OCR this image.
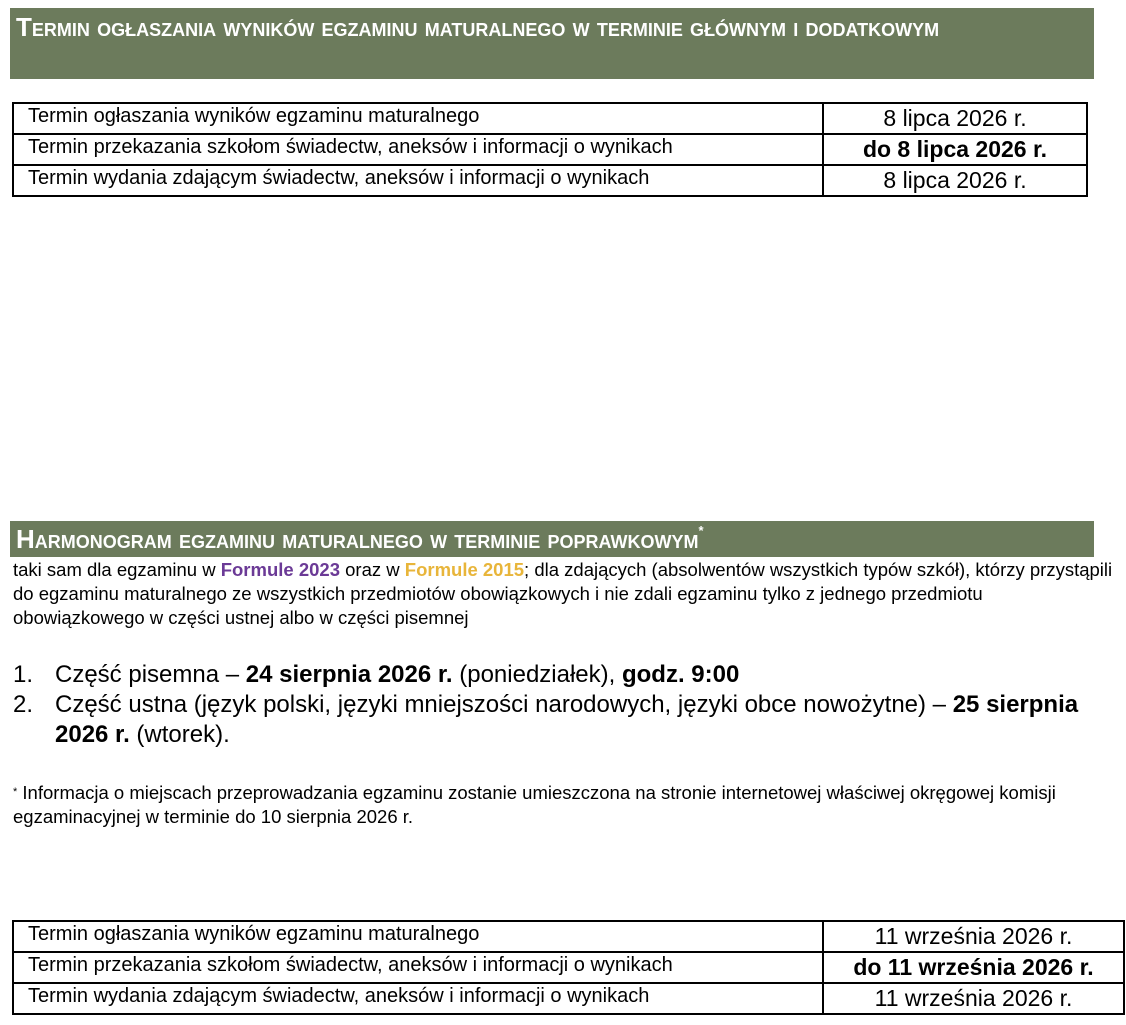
Termin ogłaszania wyników egzaminu maturalnego w terminie głównym i dodatkowym
Termin ogłaszania wyników egzaminu maturalnego	8 lipca 2026 r.
Termin przekazania szkołom świadectw, aneksów i informacji o wynikach	do 8 lipca 2026 r.
Termin wydania zdającym świadectw, aneksów i informacji o wynikach	8 lipca 2026 r.
Harmonogram egzaminu maturalnego w terminie poprawkowym*
taki sam dla egzaminu w Formule 2023 oraz w Formule 2015; dla zdających (absolwentów wszystkich typów szkół), którzy przystąpili do egzaminu maturalnego ze wszystkich przedmiotów obowiązkowych i nie zdali egzaminu tylko z jednego przedmiotu obowiązkowego w części ustnej albo w części pisemnej
1. Część pisemna – 24 sierpnia 2026 r. (poniedziałek), godz. 9:00
2. Część ustna (język polski, języki mniejszości narodowych, języki obce nowożytne) – 25 sierpnia 2026 r. (wtorek).
* Informacja o miejscach przeprowadzania egzaminu zostanie umieszczona na stronie internetowej właściwej okręgowej komisji egzaminacyjnej w terminie do 10 sierpnia 2026 r.
Termin ogłaszania wyników egzaminu maturalnego	11 września 2026 r.
Termin przekazania szkołom świadectw, aneksów i informacji o wynikach	do 11 września 2026 r.
Termin wydania zdającym świadectw, aneksów i informacji o wynikach	11 września 2026 r.
